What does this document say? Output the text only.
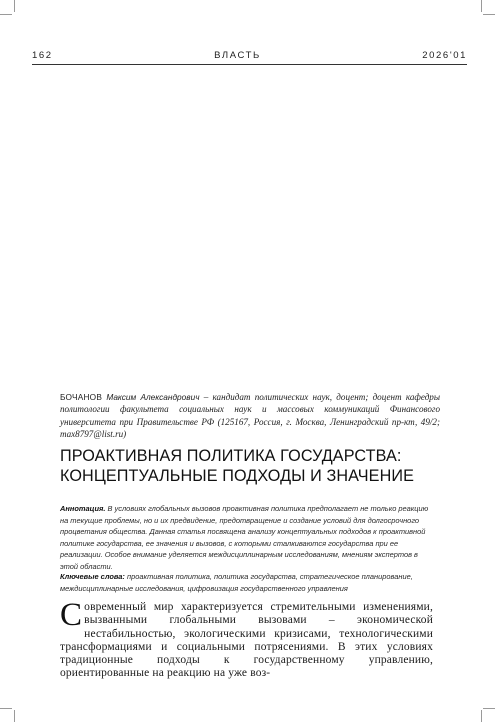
162	ВЛАСТЬ	2026'01
БОЧАНОВ Максим Александрович – кандидат политических наук, доцент; доцент кафедры политологии факультета социальных наук и массовых коммуникаций Финансового университета при Правительстве РФ (125167, Россия, г. Москва, Ленинградский пр-кт, 49/2; max8797@list.ru)
ПРОАКТИВНАЯ ПОЛИТИКА ГОСУДАРСТВА:
КОНЦЕПТУАЛЬНЫЕ ПОДХОДЫ И ЗНАЧЕНИЕ
Аннотация. В условиях глобальных вызовов проактивная политика предполагает не только реакцию на текущие проблемы, но и их предвидение, предотвращение и создание условий для долгосрочного процветания общества. Данная статья посвящена анализу концептуальных подходов к проактивной политике государства, ее значения и вызовов, с которыми сталкиваются государства при ее реализации. Особое внимание уделяется междисциплинарным исследованиям, мнениям экспертов в этой области.
Ключевые слова: проактивная политика, политика государства, стратегическое планирование, междисциплинарные исследования, цифровизация государственного управления
Современный мир характеризуется стремительными изменениями, вызванными глобальными вызовами – экономической нестабильностью, экологическими кризисами, технологическими трансформациями и социальными потрясениями. В этих условиях традиционные подходы к государственному управлению, ориентированные на реакцию на уже воз-
